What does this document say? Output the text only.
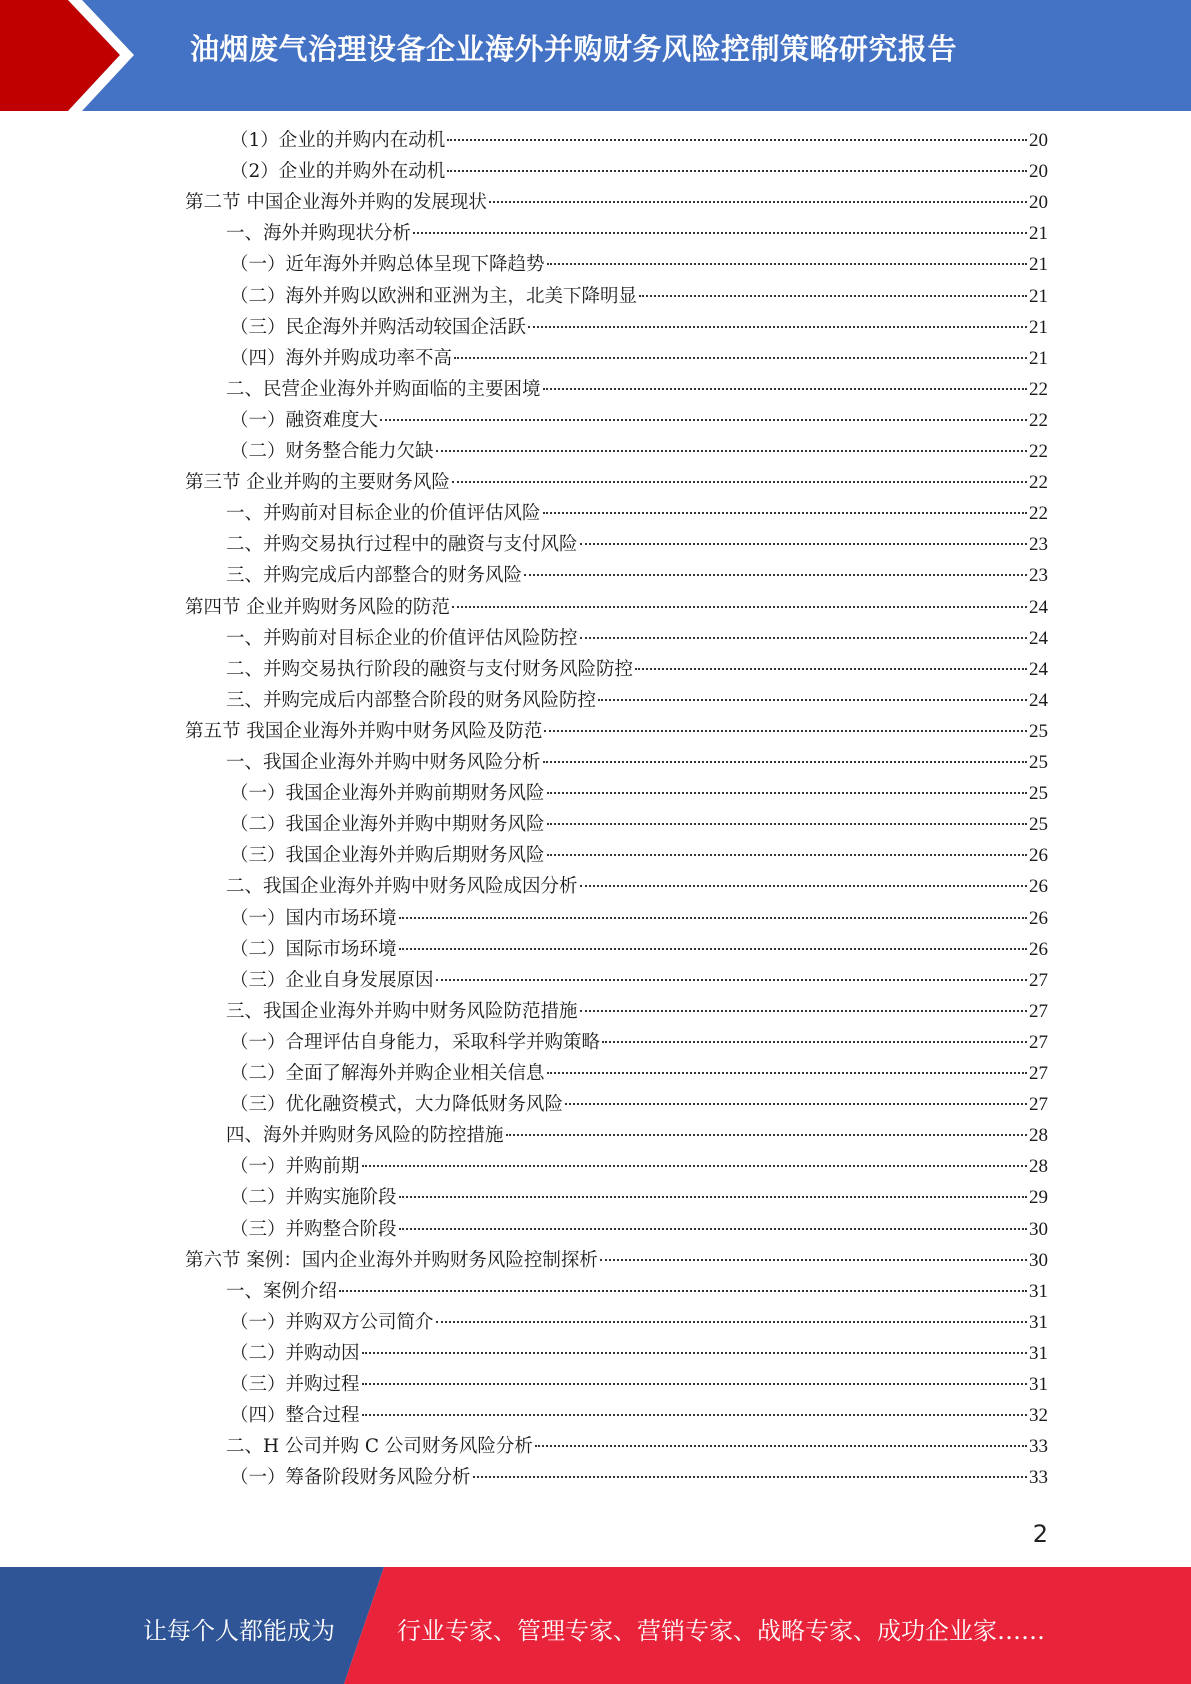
油烟废气治理设备企业海外并购财务风险控制策略研究报告
（1）企业的并购内在动机	20
（2）企业的并购外在动机	20
第二节 中国企业海外并购的发展现状	20
一、海外并购现状分析	21
（一）近年海外并购总体呈现下降趋势	21
（二）海外并购以欧洲和亚洲为主，北美下降明显	21
（三）民企海外并购活动较国企活跃	21
（四）海外并购成功率不高	21
二、民营企业海外并购面临的主要困境	22
（一）融资难度大	22
（二）财务整合能力欠缺	22
第三节 企业并购的主要财务风险	22
一、并购前对目标企业的价值评估风险	22
二、并购交易执行过程中的融资与支付风险	23
三、并购完成后内部整合的财务风险	23
第四节 企业并购财务风险的防范	24
一、并购前对目标企业的价值评估风险防控	24
二、并购交易执行阶段的融资与支付财务风险防控	24
三、并购完成后内部整合阶段的财务风险防控	24
第五节 我国企业海外并购中财务风险及防范	25
一、我国企业海外并购中财务风险分析	25
（一）我国企业海外并购前期财务风险	25
（二）我国企业海外并购中期财务风险	25
（三）我国企业海外并购后期财务风险	26
二、我国企业海外并购中财务风险成因分析	26
（一）国内市场环境	26
（二）国际市场环境	26
（三）企业自身发展原因	27
三、我国企业海外并购中财务风险防范措施	27
（一）合理评估自身能力，采取科学并购策略	27
（二）全面了解海外并购企业相关信息	27
（三）优化融资模式，大力降低财务风险	27
四、海外并购财务风险的防控措施	28
（一）并购前期	28
（二）并购实施阶段	29
（三）并购整合阶段	30
第六节 案例：国内企业海外并购财务风险控制探析	30
一、案例介绍	31
（一）并购双方公司简介	31
（二）并购动因	31
（三）并购过程	31
（四）整合过程	32
二、H 公司并购 C 公司财务风险分析	33
（一）筹备阶段财务风险分析	33
2
让每个人都能成为	行业专家、管理专家、营销专家、战略专家、成功企业家……
